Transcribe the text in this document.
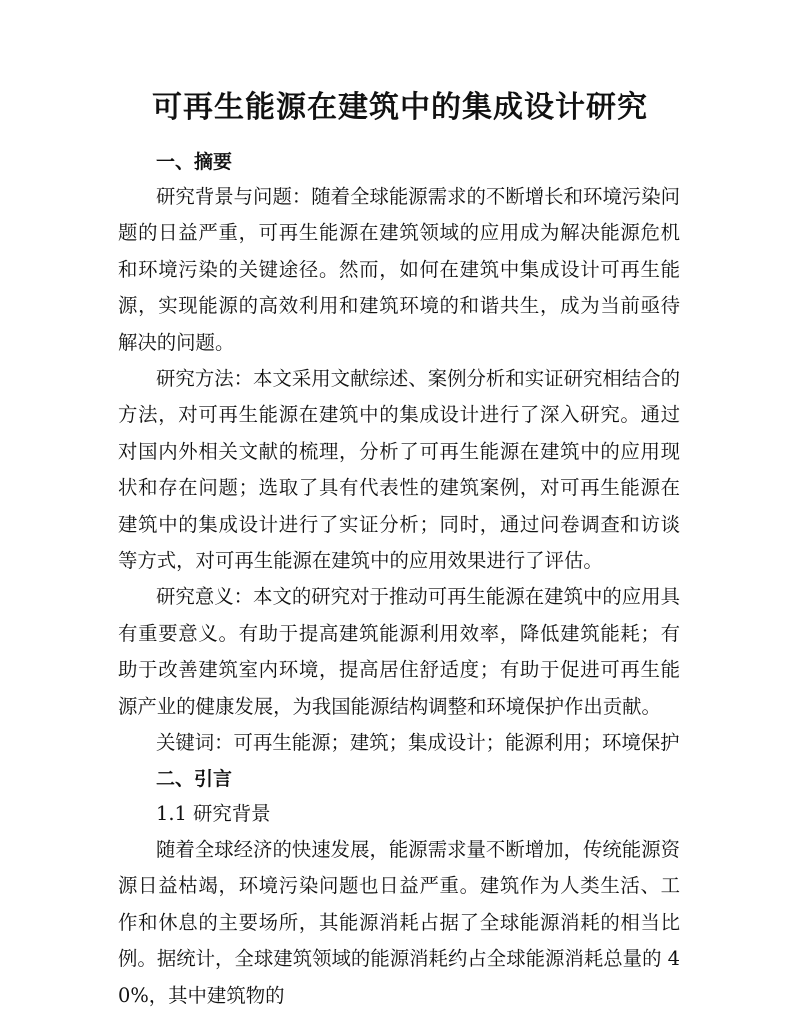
可再生能源在建筑中的集成设计研究
一、摘要

研究背景与问题：随着全球能源需求的不断增长和环境污染问题的日益严重，可再生能源在建筑领域的应用成为解决能源危机和环境污染的关键途径。然而，如何在建筑中集成设计可再生能源，实现能源的高效利用和建筑环境的和谐共生，成为当前亟待解决的问题。

研究方法：本文采用文献综述、案例分析和实证研究相结合的方法，对可再生能源在建筑中的集成设计进行了深入研究。通过对国内外相关文献的梳理，分析了可再生能源在建筑中的应用现状和存在问题；选取了具有代表性的建筑案例，对可再生能源在建筑中的集成设计进行了实证分析；同时，通过问卷调查和访谈等方式，对可再生能源在建筑中的应用效果进行了评估。

研究意义：本文的研究对于推动可再生能源在建筑中的应用具有重要意义。有助于提高建筑能源利用效率，降低建筑能耗；有助于改善建筑室内环境，提高居住舒适度；有助于促进可再生能源产业的健康发展，为我国能源结构调整和环境保护作出贡献。

关键词：可再生能源；建筑；集成设计；能源利用；环境保护

二、引言

1.1 研究背景

随着全球经济的快速发展，能源需求量不断增加，传统能源资源日益枯竭，环境污染问题也日益严重。建筑作为人类生活、工作和休息的主要场所，其能源消耗占据了全球能源消耗的相当比例。据统计，全球建筑领域的能源消耗约占全球能源消耗总量的 40%，其中建筑物的
